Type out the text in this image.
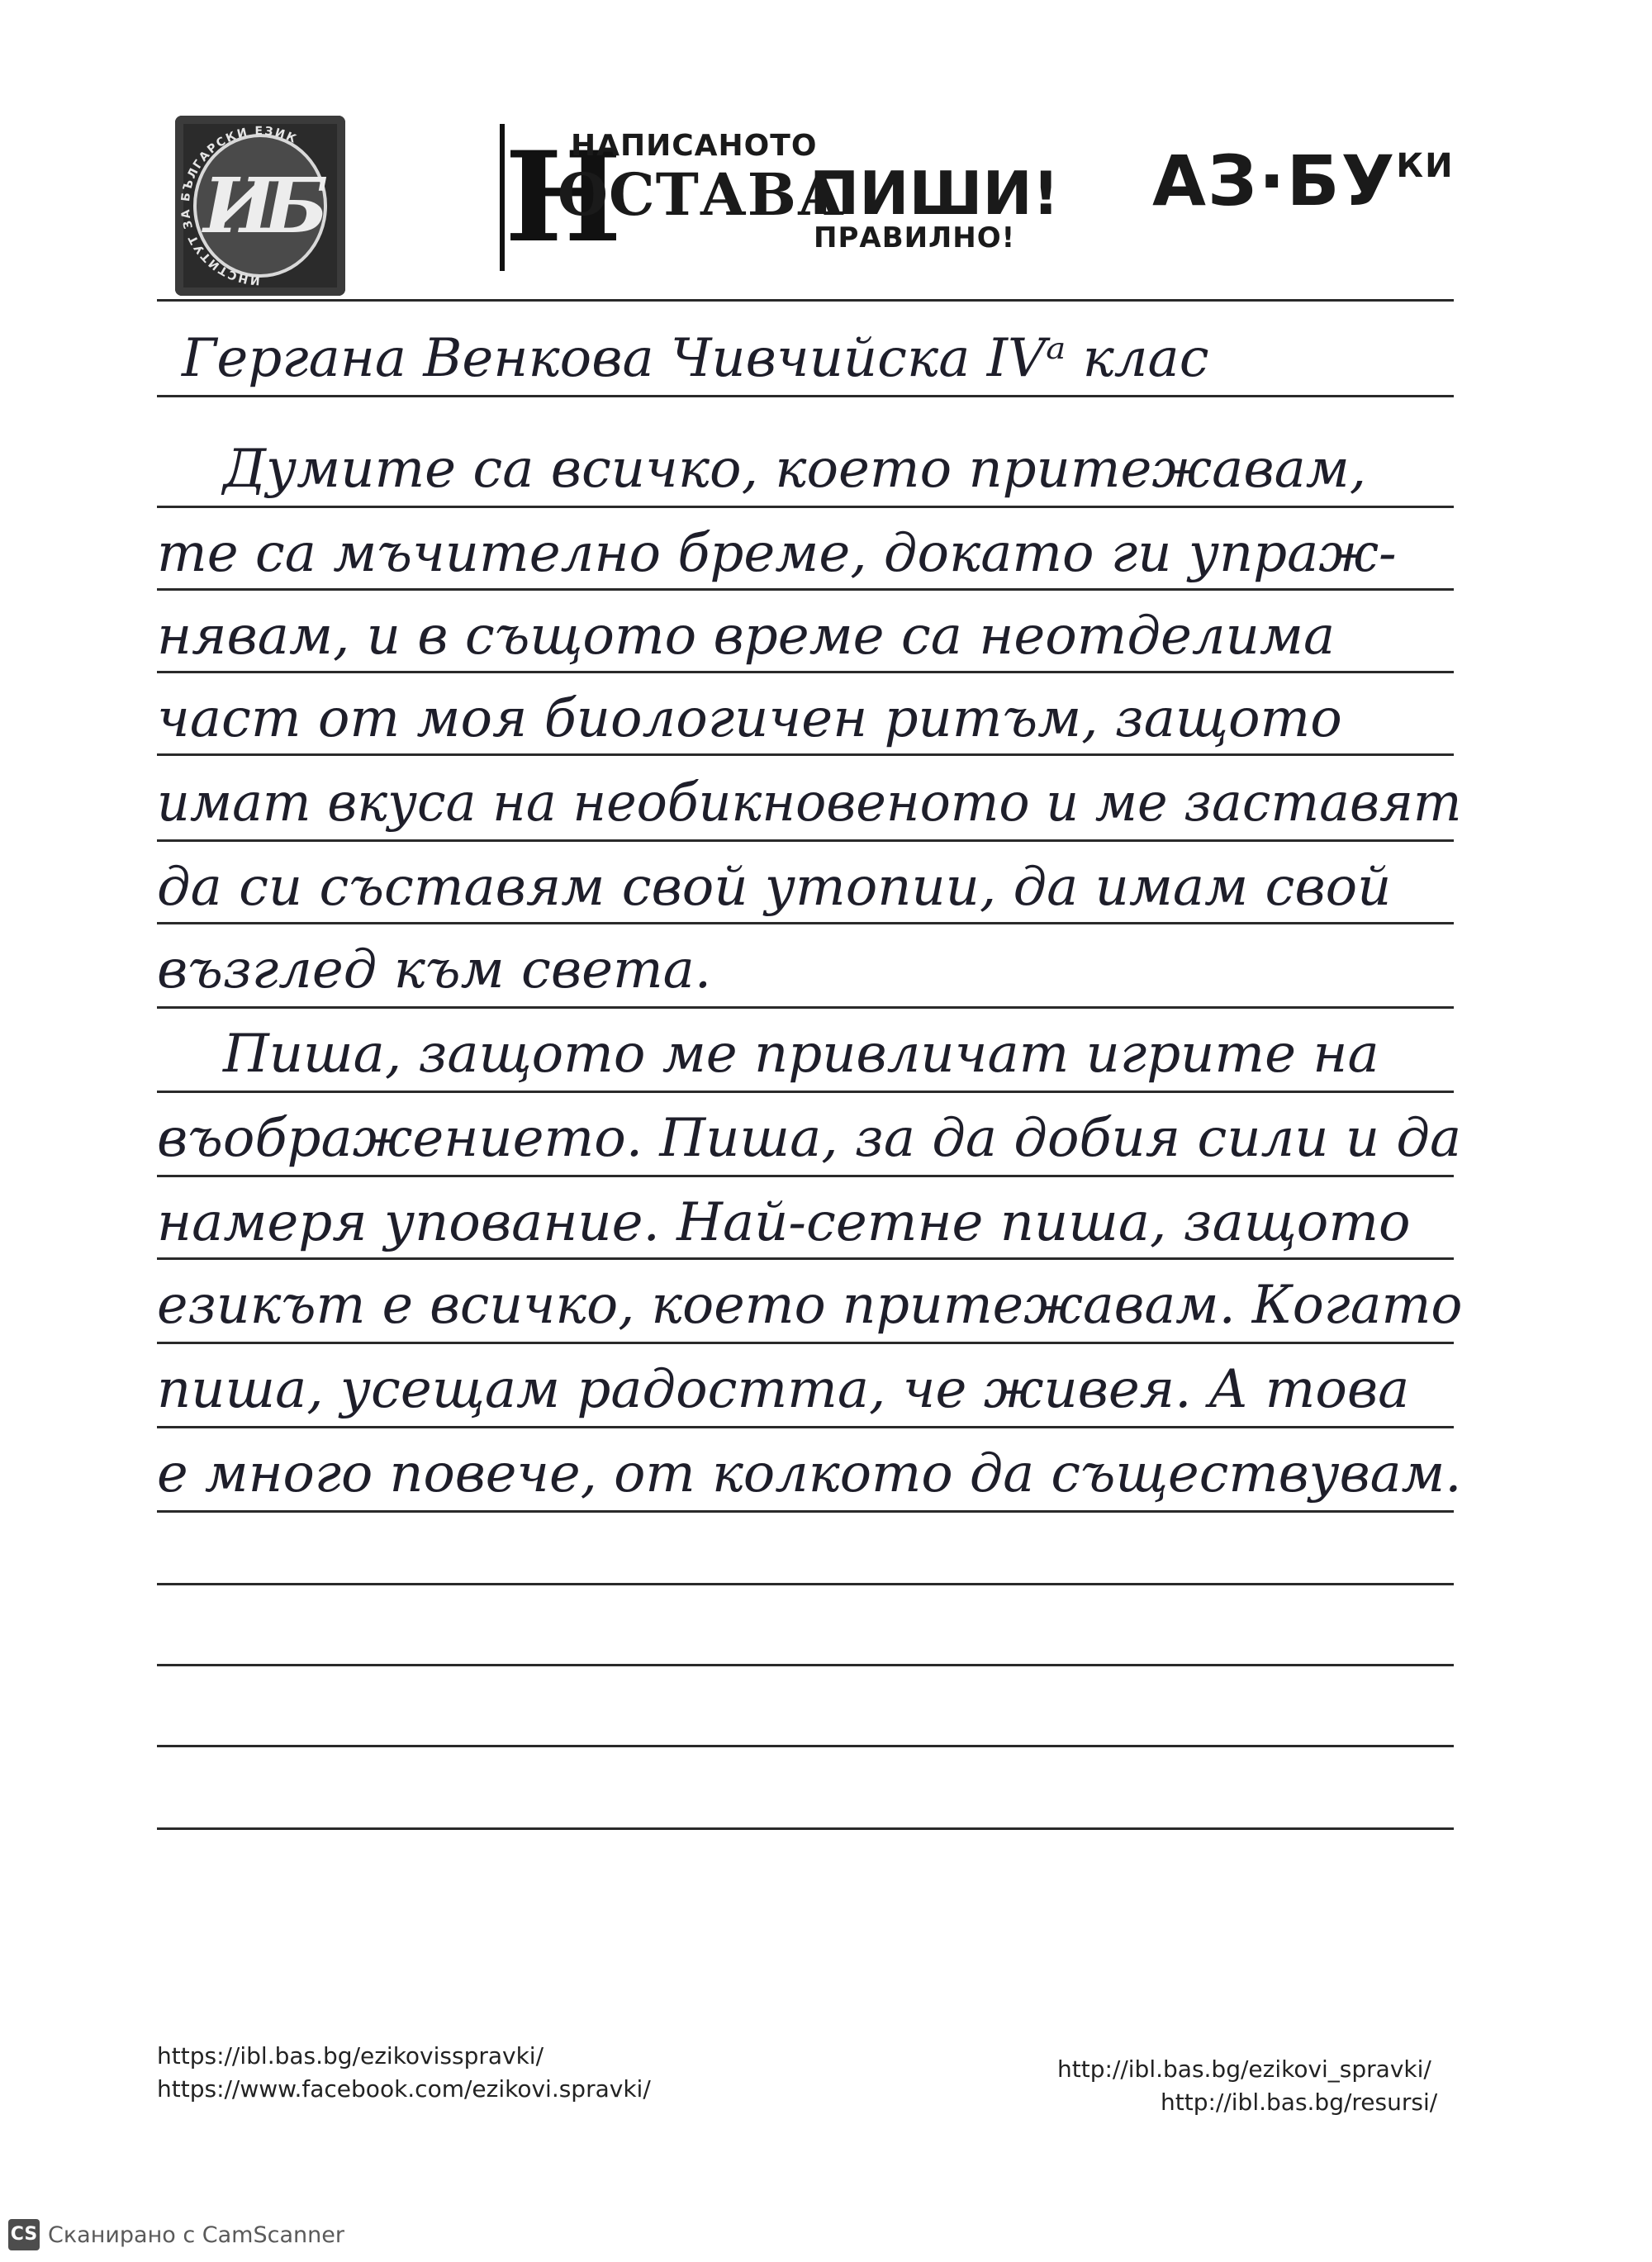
ИБ
ИНСТИТУТ ЗА БЪЛГАРСКИ ЕЗИК Н
НАПИСАНОТО
ОСТАВА
ПИШИ!
ПРАВИЛНО!
$АЗ\cdot БУ^{КИ}$
Гергана Венкова Чивчийска IVᵃ клас
Думите са всичко, което притежавам,
те са мъчително бреме, докато ги упраж-
нявам, и в същото време са неотделима
част от моя биологичен ритъм, защото
имат вкуса на необикновеното и ме заставят
да си съставям свой утопии, да имам свой
възглед към света.
Пиша, защото ме привличат игрите на
въображението. Пиша, за да добия сили и да
намеря упование. Най-сетне пиша, защото
езикът е всичко, което притежавам. Когато
пиша, усещам радостта, че живея. А това
е много повече, от колкото да съществувам.
https://ibl.bas.bg/ezikovisspravki/
https://www.facebook.com/ezikovi.spravki/
http://ibl.bas.bg/ezikovi_spravki/
http://ibl.bas.bg/resursi/
CS Сканирано с CamScanner
